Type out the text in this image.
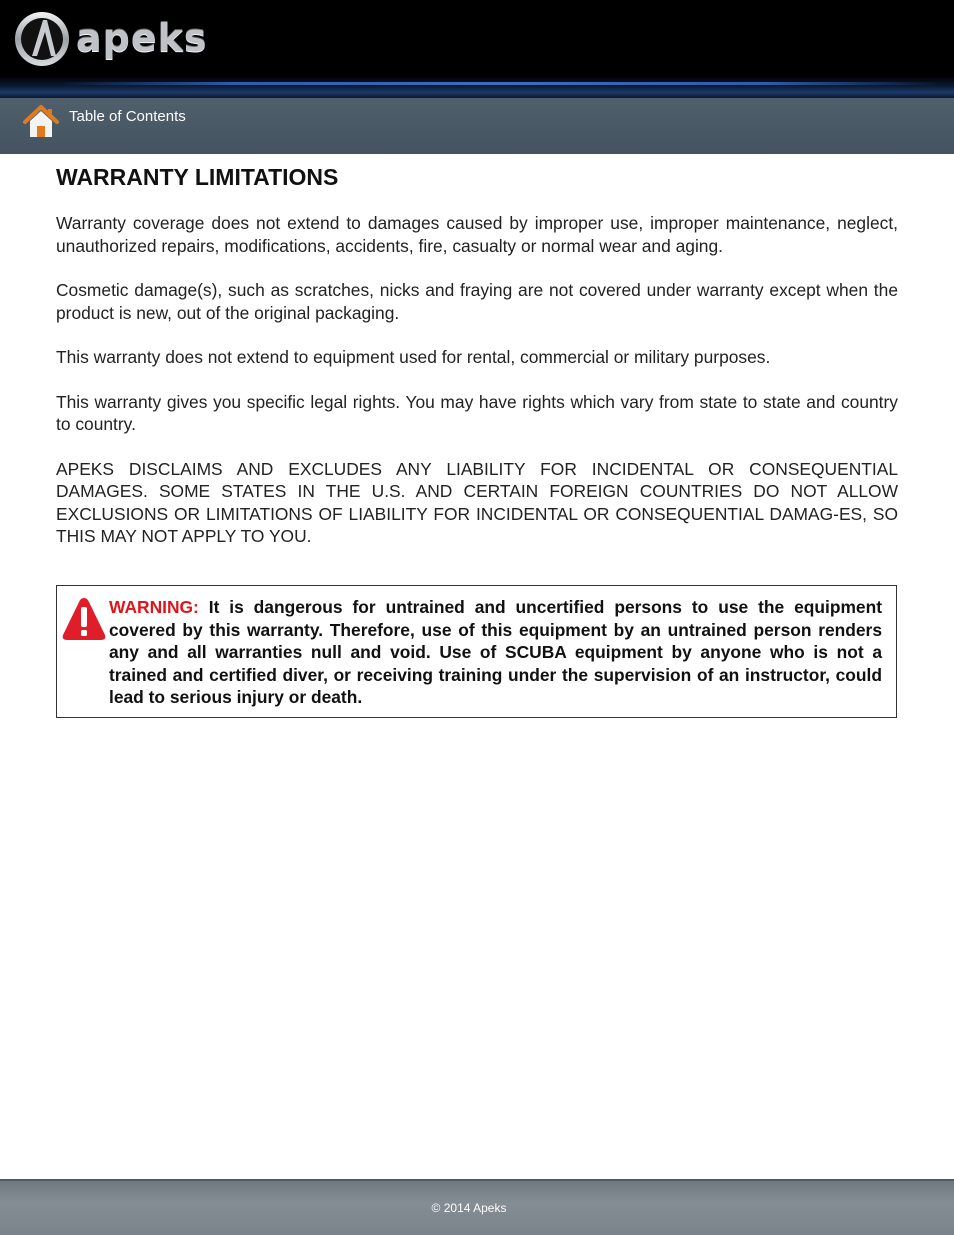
apeks
Table of Contents
WARRANTY LIMITATIONS

Warranty coverage does not extend to damages caused by improper use, improper maintenance, neglect, unauthorized repairs, modifications, accidents, fire, casualty or normal wear and aging.

Cosmetic damage(s), such as scratches, nicks and fraying are not covered under warranty except when the product is new, out of the original packaging.

This warranty does not extend to equipment used for rental, commercial or military purposes.

This warranty gives you specific legal rights. You may have rights which vary from state to state and country to country.

APEKS DISCLAIMS AND EXCLUDES ANY LIABILITY FOR INCIDENTAL OR CONSEQUENTIAL DAMAGES. SOME STATES IN THE U.S. AND CERTAIN FOREIGN COUNTRIES DO NOT ALLOW EXCLUSIONS OR LIMITATIONS OF LIABILITY FOR INCIDENTAL OR CONSEQUENTIAL DAMAG-ES, SO THIS MAY NOT APPLY TO YOU.

WARNING: It is dangerous for untrained and uncertified persons to use the equipment covered by this warranty. Therefore, use of this equipment by an untrained person renders any and all warranties null and void. Use of SCUBA equipment by anyone who is not a trained and certified diver, or receiving training under the supervision of an instructor, could lead to serious injury or death.
© 2014 Apeks
